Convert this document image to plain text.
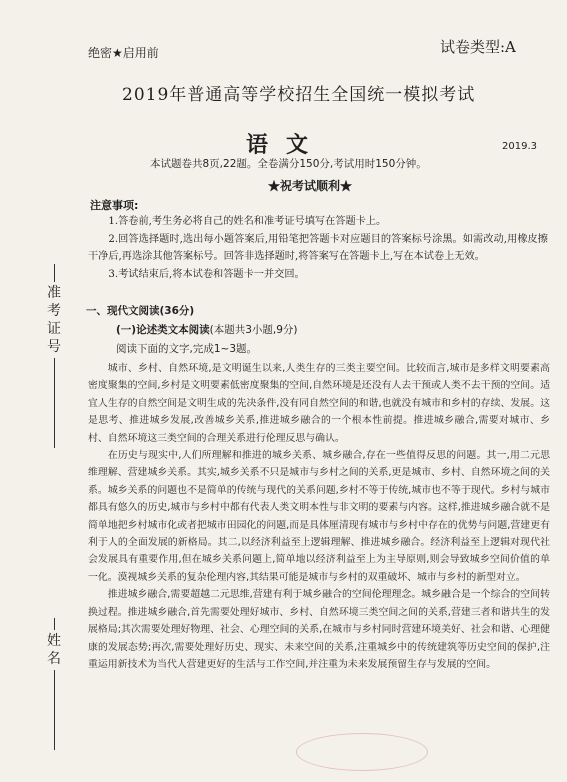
绝密★启用前	试卷类型:A
2019年普通高等学校招生全国统一模拟考试
语文	2019.3
本试题卷共8页,22题。全卷满分150分,考试用时150分钟。
★祝考试顺利★
准
考
证
号
姓
名
注意事项:

1.答卷前,考生务必将自己的姓名和准考证号填写在答题卡上。

2.回答选择题时,选出每小题答案后,用铅笔把答题卡对应题目的答案标号涂黑。如需改动,用橡皮擦干净后,再选涂其他答案标号。回答非选择题时,将答案写在答题卡上,写在本试卷上无效。

3.考试结束后,将本试卷和答题卡一并交回。

一、现代文阅读(36分)
(一)论述类文本阅读(本题共3小题,9分)
阅读下面的文字,完成1~3题。

城市、乡村、自然环境,是文明诞生以来,人类生存的三类主要空间。比较而言,城市是多样文明要素高密度聚集的空间,乡村是文明要素低密度聚集的空间,自然环境是还没有人去干预或人类不去干预的空间。适宜人生存的自然空间是文明生成的先决条件,没有同自然空间的和谐,也就没有城市和乡村的存续、发展。这是思考、推进城乡发展,改善城乡关系,推进城乡融合的一个根本性前提。推进城乡融合,需要对城市、乡村、自然环境这三类空间的合理关系进行伦理反思与确认。

在历史与现实中,人们所理解和推进的城乡关系、城乡融合,存在一些值得反思的问题。其一,用二元思维理解、营建城乡关系。其实,城乡关系不只是城市与乡村之间的关系,更是城市、乡村、自然环境之间的关系。城乡关系的问题也不是简单的传统与现代的关系问题,乡村不等于传统,城市也不等于现代。乡村与城市都具有悠久的历史,城市与乡村中都有代表人类文明本性与非文明的要素与内容。这样,推进城乡融合就不是简单地把乡村城市化或者把城市田园化的问题,而是具体厘清现有城市与乡村中存在的优势与问题,营建更有利于人的全面发展的新格局。其二,以经济利益至上逻辑理解、推进城乡融合。经济利益至上逻辑对现代社会发展具有重要作用,但在城乡关系问题上,简单地以经济利益至上为主导原则,则会导致城乡空间价值的单一化。漠视城乡关系的复杂伦理内容,其结果可能是城市与乡村的双重破坏、城市与乡村的新型对立。

推进城乡融合,需要超越二元思维,营建有利于城乡融合的空间伦理理念。城乡融合是一个综合的空间转换过程。推进城乡融合,首先需要处理好城市、乡村、自然环境三类空间之间的关系,营建三者和谐共生的发展格局;其次需要处理好物理、社会、心理空间的关系,在城市与乡村同时营建环境美好、社会和谐、心理健康的发展态势;再次,需要处理好历史、现实、未来空间的关系,注重城乡中的传统建筑等历史空间的保护,注重运用新技术为当代人营建更好的生活与工作空间,并注重为未来发展预留生存与发展的空间。
